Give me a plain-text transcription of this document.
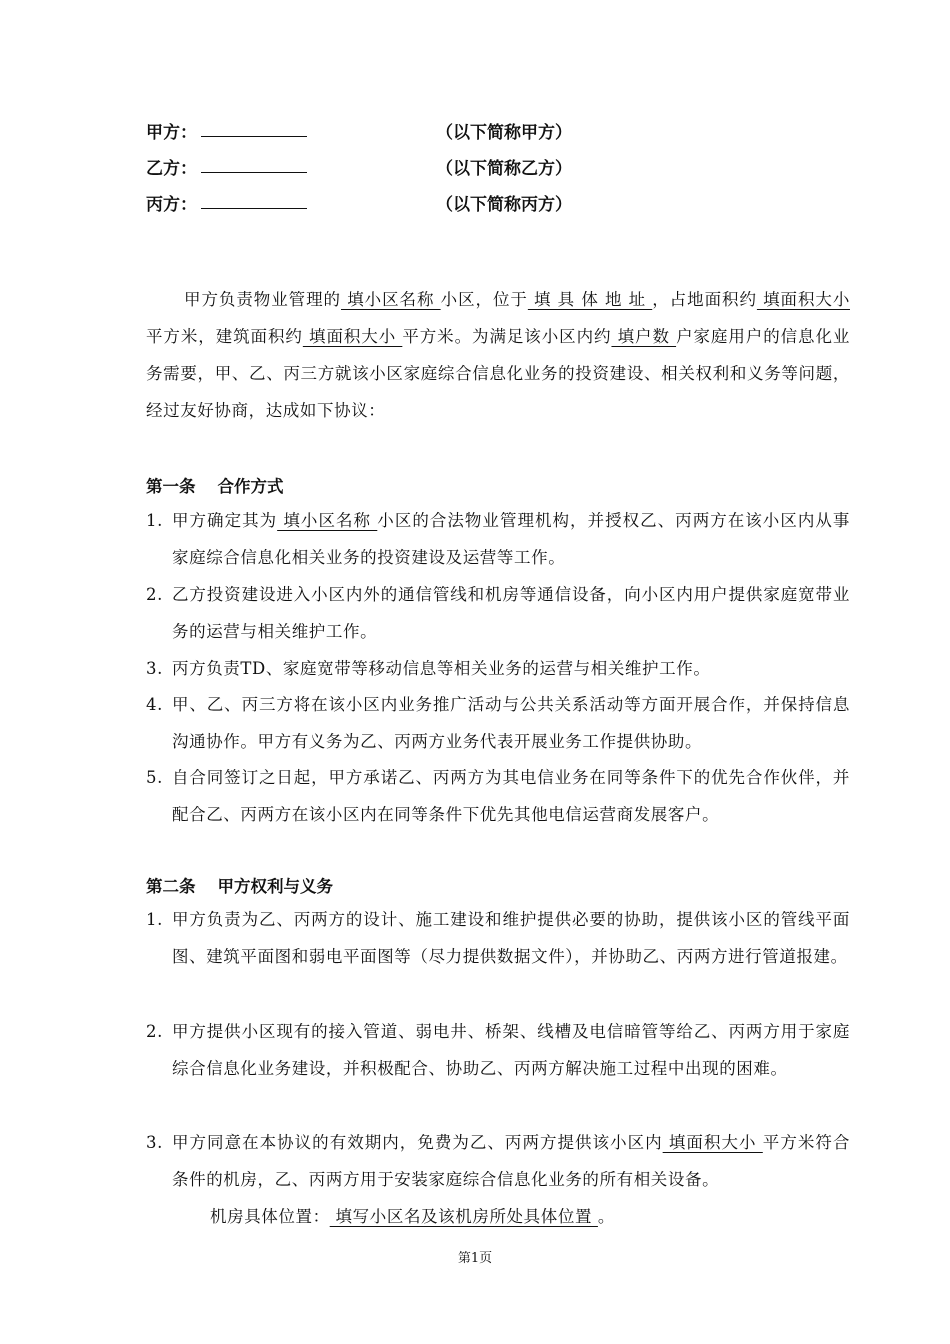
甲方：	（以下简称甲方）
乙方：	（以下简称乙方）
丙方：	（以下简称丙方）
甲方负责物业管理的 填小区名称 小区，位于 填 具 体 地 址 ，占地面积约 填面积大小 平方米，建筑面积约 填面积大小 平方米。为满足该小区内约 填户数 户家庭用户的信息化业务需要，甲、乙、丙三方就该小区家庭综合信息化业务的投资建设、相关权利和义务等问题，经过友好协商，达成如下协议：
第一条 合作方式
1. 甲方确定其为 填小区名称 小区的合法物业管理机构，并授权乙、丙两方在该小区内从事家庭综合信息化相关业务的投资建设及运营等工作。
2. 乙方投资建设进入小区内外的通信管线和机房等通信设备，向小区内用户提供家庭宽带业务的运营与相关维护工作。
3. 丙方负责TD、家庭宽带等移动信息等相关业务的运营与相关维护工作。
4. 甲、乙、丙三方将在该小区内业务推广活动与公共关系活动等方面开展合作，并保持信息沟通协作。甲方有义务为乙、丙两方业务代表开展业务工作提供协助。
5. 自合同签订之日起，甲方承诺乙、丙两方为其电信业务在同等条件下的优先合作伙伴，并配合乙、丙两方在该小区内在同等条件下优先其他电信运营商发展客户。
第二条 甲方权利与义务
1. 甲方负责为乙、丙两方的设计、施工建设和维护提供必要的协助，提供该小区的管线平面图、建筑平面图和弱电平面图等（尽力提供数据文件），并协助乙、丙两方进行管道报建。
2. 甲方提供小区现有的接入管道、弱电井、桥架、线槽及电信暗管等给乙、丙两方用于家庭综合信息化业务建设，并积极配合、协助乙、丙两方解决施工过程中出现的困难。
3. 甲方同意在本协议的有效期内，免费为乙、丙两方提供该小区内 填面积大小 平方米符合条件的机房，乙、丙两方用于安装家庭综合信息化业务的所有相关设备。
机房具体位置： 填写小区名及该机房所处具体位置 。
第1页
